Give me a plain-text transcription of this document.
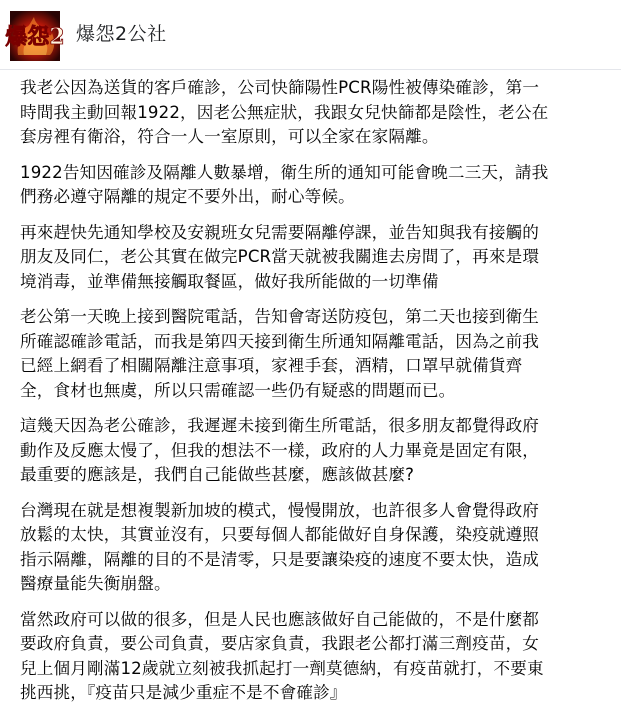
爆怨2 爆怨2公社

我老公因為送貨的客戶確診，公司快篩陽性PCR陽性被傳染確診，第一
時間我主動回報1922，因老公無症狀，我跟女兒快篩都是陰性，老公在
套房裡有衛浴，符合一人一室原則，可以全家在家隔離。

1922告知因確診及隔離人數暴增，衛生所的通知可能會晚二三天，請我
們務必遵守隔離的規定不要外出，耐心等候。

再來趕快先通知學校及安親班女兒需要隔離停課，並告知與我有接觸的
朋友及同仁，老公其實在做完PCR當天就被我關進去房間了，再來是環
境消毒，並準備無接觸取餐區，做好我所能做的一切準備

老公第一天晚上接到醫院電話，告知會寄送防疫包，第二天也接到衛生
所確認確診電話，而我是第四天接到衛生所通知隔離電話，因為之前我
已經上網看了相關隔離注意事項，家裡手套，酒精，口罩早就備貨齊
全，食材也無虞，所以只需確認一些仍有疑惑的問題而已。

這幾天因為老公確診，我遲遲未接到衛生所電話，很多朋友都覺得政府
動作及反應太慢了，但我的想法不一樣，政府的人力畢竟是固定有限，
最重要的應該是，我們自己能做些甚麼，應該做甚麼?

台灣現在就是想複製新加坡的模式，慢慢開放，也許很多人會覺得政府
放鬆的太快，其實並沒有，只要每個人都能做好自身保護，染疫就遵照
指示隔離，隔離的目的不是清零，只是要讓染疫的速度不要太快，造成
醫療量能失衡崩盤。

當然政府可以做的很多，但是人民也應該做好自己能做的，不是什麼都
要政府負責，要公司負責，要店家負責，我跟老公都打滿三劑疫苗，女
兒上個月剛滿12歲就立刻被我抓起打一劑莫德納，有疫苗就打，不要東
挑西挑，『疫苗只是減少重症不是不會確診』
